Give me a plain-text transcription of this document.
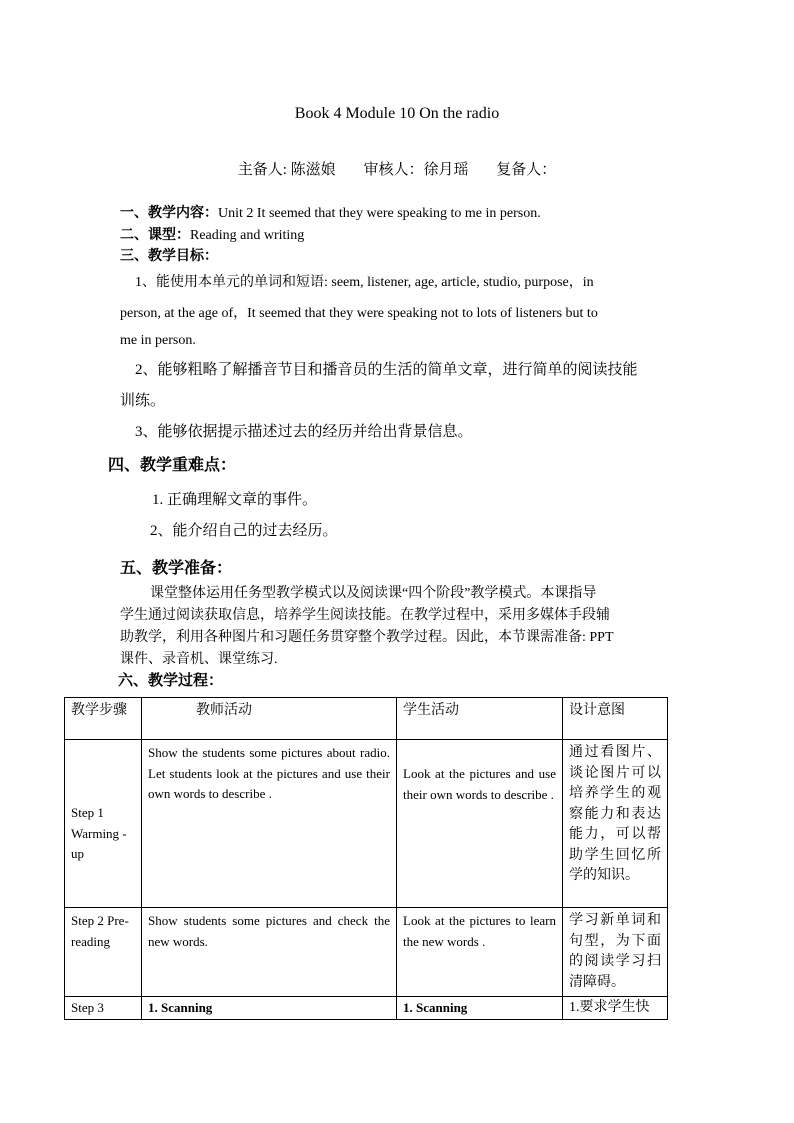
Book 4 Module 10 On the radio
主备人: 陈滋娘 审核人：徐月瑶 复备人：
一、教学内容：Unit 2 It seemed that they were speaking to me in person.
二、课型：Reading and writing
三、教学目标：
1、能使用本单元的单词和短语: seem, listener, age, article, studio, purpose，in
person, at the age of，It seemed that they were speaking not to lots of listeners but to
me in person.
2、能够粗略了解播音节目和播音员的生活的简单文章，进行简单的阅读技能
训练。
3、能够依据提示描述过去的经历并给出背景信息。
四、教学重难点：
1. 正确理解文章的事件。
2、能介绍自己的过去经历。
五、教学准备：
课堂整体运用任务型教学模式以及阅读课“四个阶段”教学模式。本课指导
学生通过阅读获取信息，培养学生阅读技能。在教学过程中，采用多媒体手段辅
助教学，利用各种图片和习题任务贯穿整个教学过程。因此，本节课需准备: PPT
课件、录音机、课堂练习.
六、教学过程：
教学步骤	教师活动	学生活动	设计意图
Step 1 Warming -up	Show the students some pictures about radio. Let students look at the pictures and use their own words to describe .	Look at the pictures and use their own words to describe .	通过看图片、谈论图片可以培养学生的观察能力和表达能力，可以帮助学生回忆所学的知识。
Step 2 Pre-reading	Show students some pictures and check the new words.	Look at the pictures to learn the new words .	学习新单词和句型，为下面的阅读学习扫清障碍。
Step 3	1. Scanning	1. Scanning	1.要求学生快
